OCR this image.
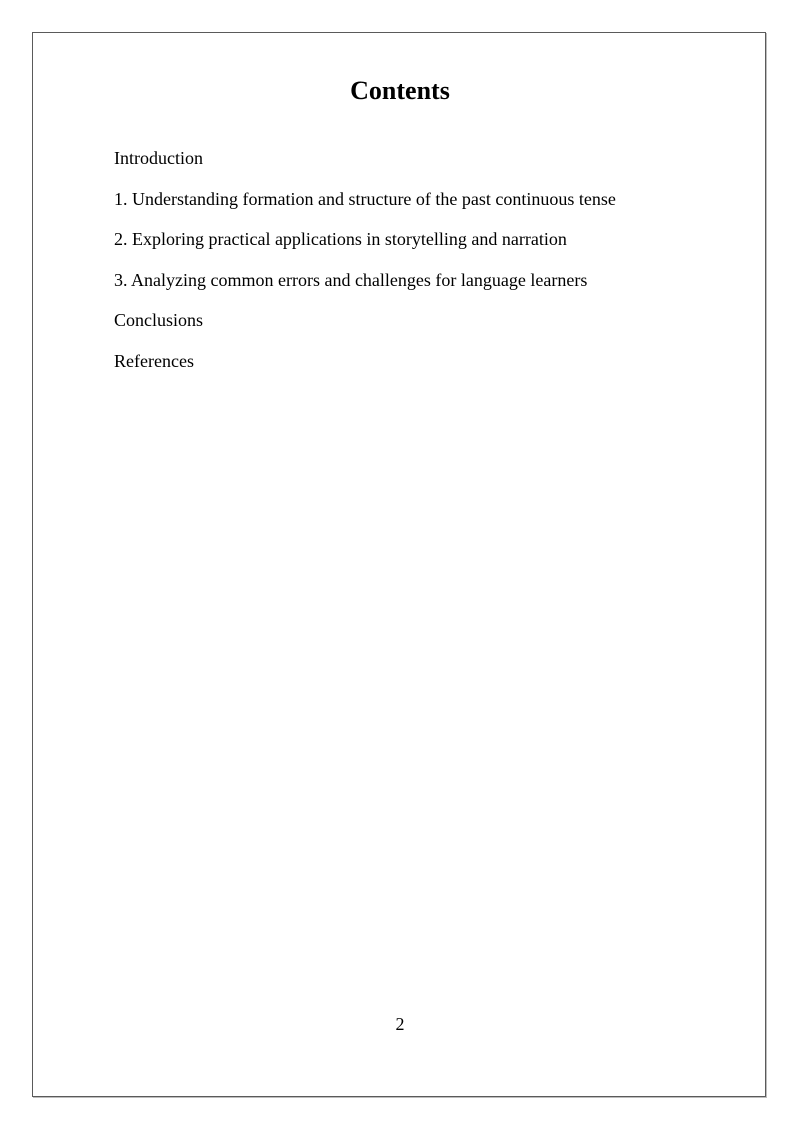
Contents
Introduction
1. Understanding formation and structure of the past continuous tense
2. Exploring practical applications in storytelling and narration
3. Analyzing common errors and challenges for language learners
Conclusions
References
2
